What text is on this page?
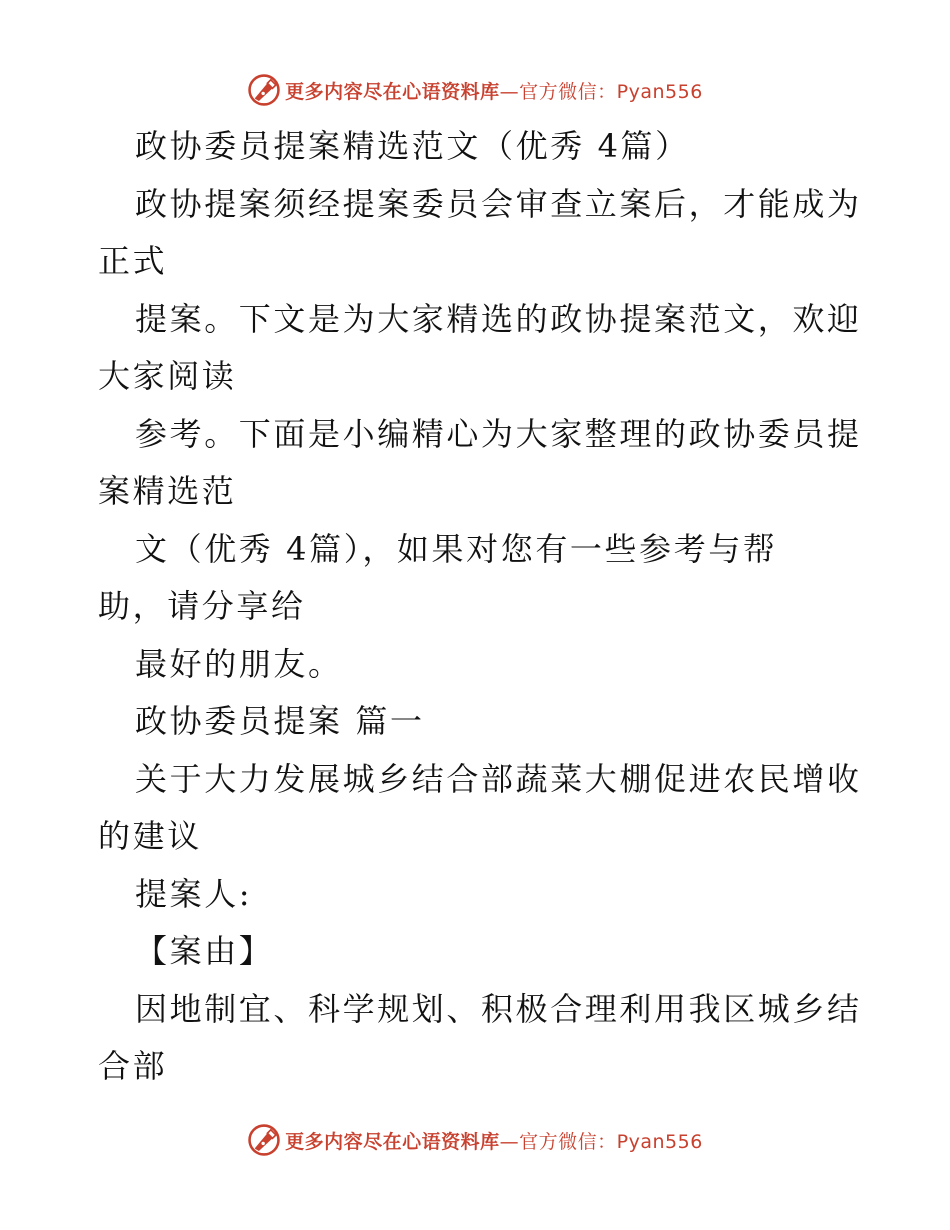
更多内容尽在心语资料库 —官方微信：Pyan556
政协委员提案精选范文（优秀 4篇）
政协提案须经提案委员会审查立案后，才能成为
正式
提案。下文是为大家精选的政协提案范文，欢迎
大家阅读
参考。下面是小编精心为大家整理的政协委员提
案精选范
文（优秀 4篇），如果对您有一些参考与帮
助，请分享给
最好的朋友。
政协委员提案 篇一
关于大力发展城乡结合部蔬菜大棚促进农民增收
的建议
提案人:
【案由】
因地制宜、科学规划、积极合理利用我区城乡结
合部
更多内容尽在心语资料库 —官方微信：Pyan556
